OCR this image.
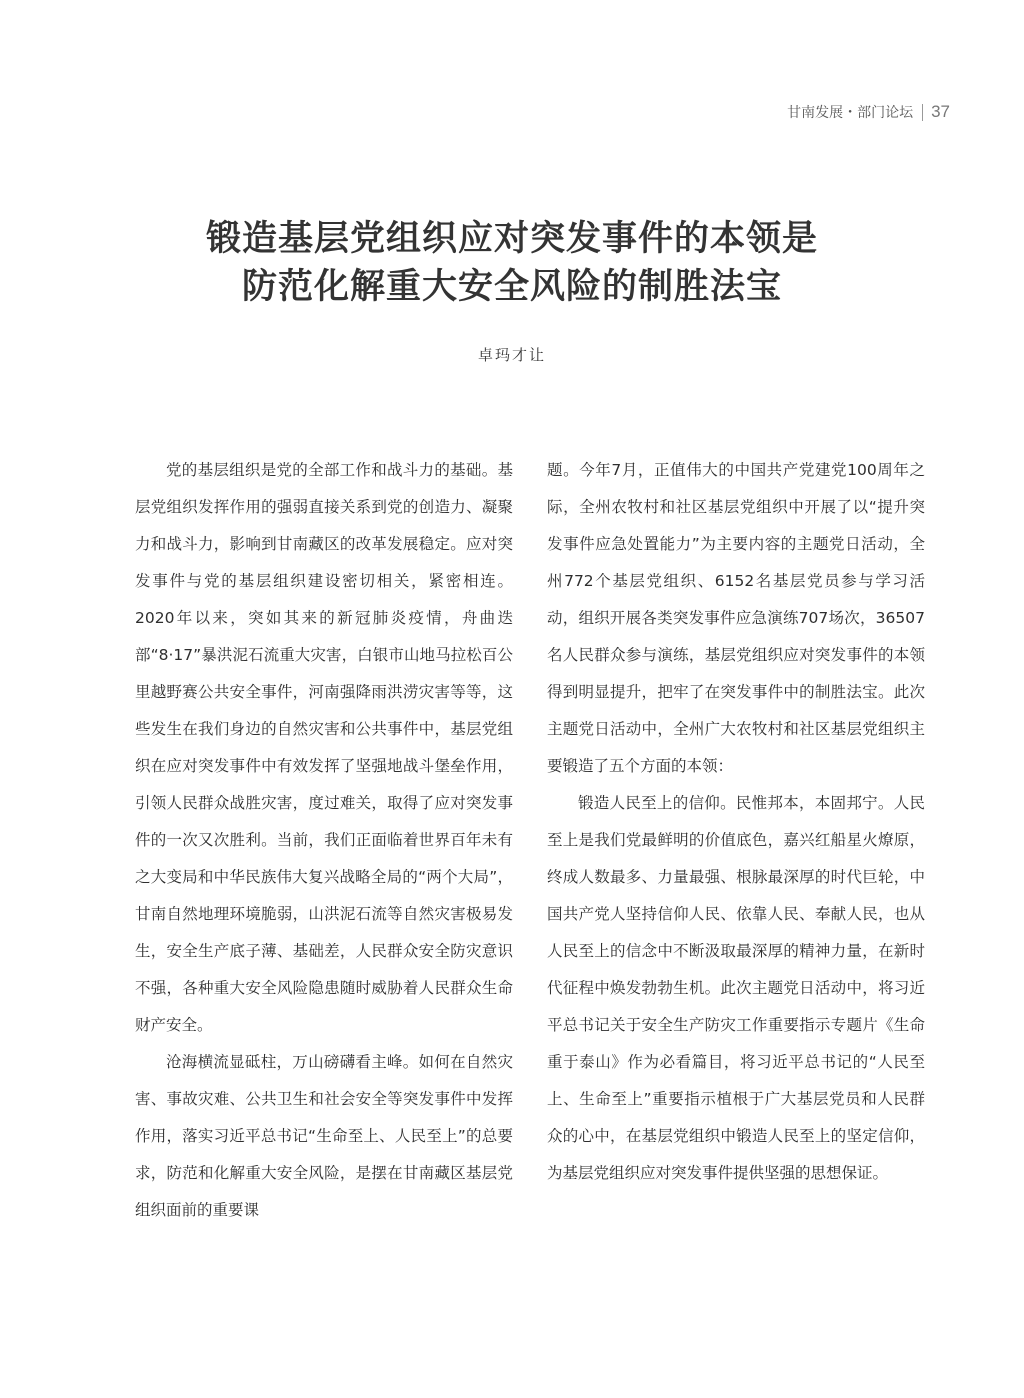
甘南发展・部门论坛 37
锻造基层党组织应对突发事件的本领是
防范化解重大安全风险的制胜法宝
卓玛才让

党的基层组织是党的全部工作和战斗力的基础。基层党组织发挥作用的强弱直接关系到党的创造力、凝聚力和战斗力，影响到甘南藏区的改革发展稳定。应对突发事件与党的基层组织建设密切相关，紧密相连。2020年以来，突如其来的新冠肺炎疫情，舟曲迭部“8·17”暴洪泥石流重大灾害，白银市山地马拉松百公里越野赛公共安全事件，河南强降雨洪涝灾害等等，这些发生在我们身边的自然灾害和公共事件中，基层党组织在应对突发事件中有效发挥了坚强地战斗堡垒作用，引领人民群众战胜灾害，度过难关，取得了应对突发事件的一次又次胜利。当前，我们正面临着世界百年未有之大变局和中华民族伟大复兴战略全局的“两个大局”，甘南自然地理环境脆弱，山洪泥石流等自然灾害极易发生，安全生产底子薄、基础差，人民群众安全防灾意识不强，各种重大安全风险隐患随时威胁着人民群众生命财产安全。

沧海横流显砥柱，万山磅礴看主峰。如何在自然灾害、事故灾难、公共卫生和社会安全等突发事件中发挥作用，落实习近平总书记“生命至上、人民至上”的总要求，防范和化解重大安全风险，是摆在甘南藏区基层党组织面前的重要课

题。今年7月，正值伟大的中国共产党建党100周年之际，全州农牧村和社区基层党组织中开展了以“提升突发事件应急处置能力”为主要内容的主题党日活动，全州772个基层党组织、6152名基层党员参与学习活动，组织开展各类突发事件应急演练707场次，36507名人民群众参与演练，基层党组织应对突发事件的本领得到明显提升，把牢了在突发事件中的制胜法宝。此次主题党日活动中，全州广大农牧村和社区基层党组织主要锻造了五个方面的本领：

锻造人民至上的信仰。民惟邦本，本固邦宁。人民至上是我们党最鲜明的价值底色，嘉兴红船星火燎原，终成人数最多、力量最强、根脉最深厚的时代巨轮，中国共产党人坚持信仰人民、依靠人民、奉献人民，也从人民至上的信念中不断汲取最深厚的精神力量，在新时代征程中焕发勃勃生机。此次主题党日活动中，将习近平总书记关于安全生产防灾工作重要指示专题片《生命重于泰山》作为必看篇目，将习近平总书记的“人民至上、生命至上”重要指示植根于广大基层党员和人民群众的心中，在基层党组织中锻造人民至上的坚定信仰，为基层党组织应对突发事件提供坚强的思想保证。
